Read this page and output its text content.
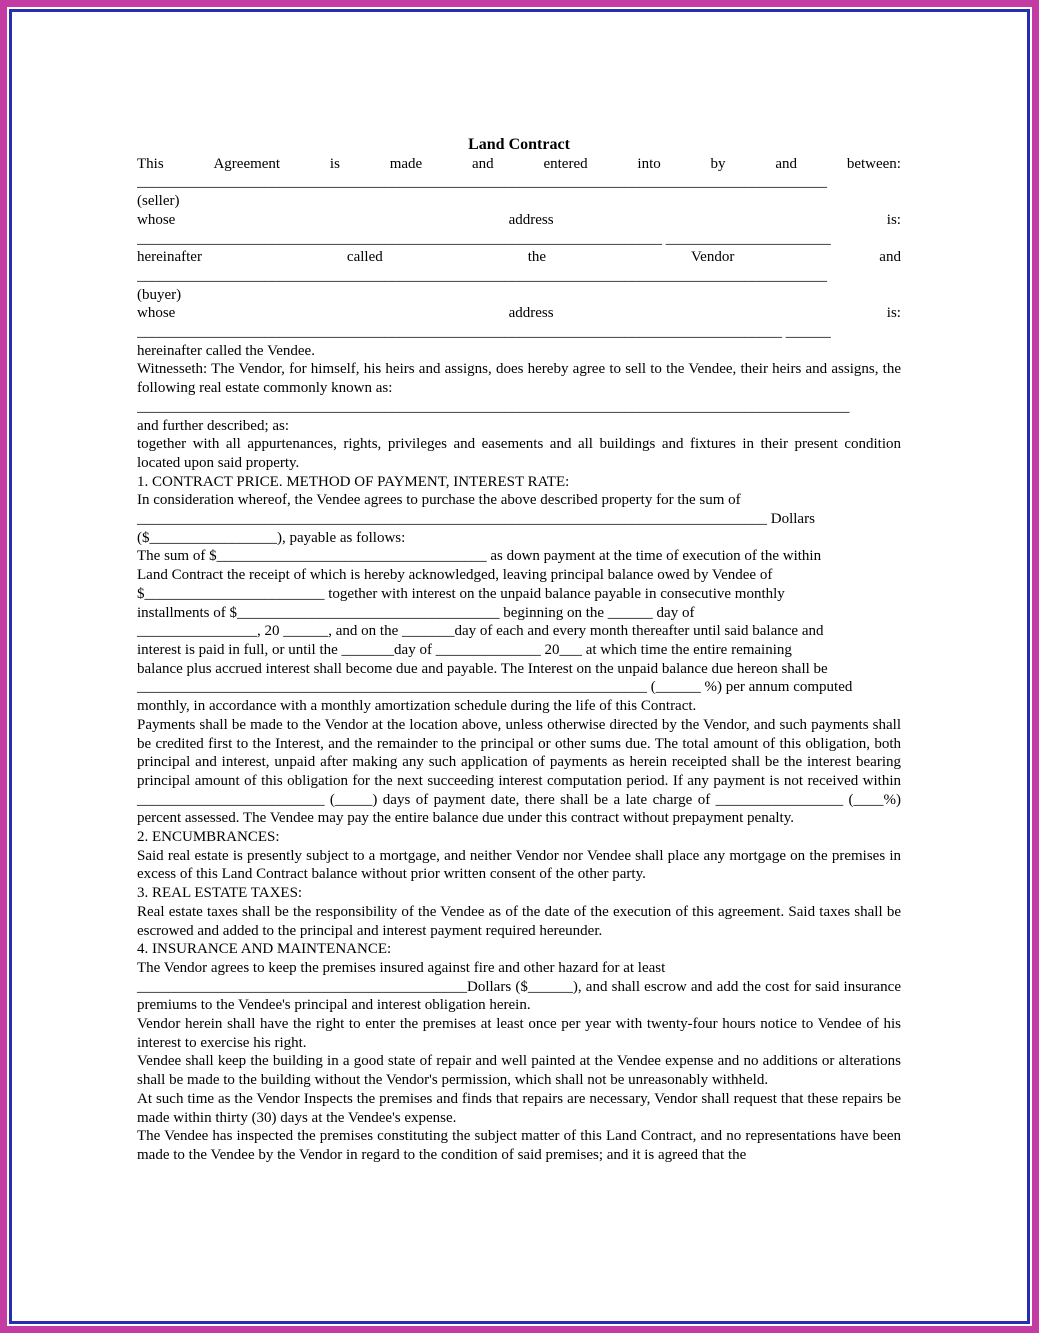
Land Contract
This	Agreement	is	made	and	entered	into	by	and	between:
____________________________________________________________________________________________
(seller)
whose	address	is:
______________________________________________________________________ ______________________
hereinafter	called	the	Vendor	and
____________________________________________________________________________________________
(buyer)
whose	address	is:
______________________________________________________________________________________ ______
hereinafter called the Vendee.
Witnesseth: The Vendor, for himself, his heirs and assigns, does hereby agree to sell to the Vendee, their heirs and assigns, the following real estate commonly known as:
_______________________________________________________________________________________________
and further described; as:
together with all appurtenances, rights, privileges and easements and all buildings and fixtures in their present condition located upon said property.
1. CONTRACT PRICE. METHOD OF PAYMENT, INTEREST RATE:
In consideration whereof, the Vendee agrees to purchase the above described property for the sum of
____________________________________________________________________________________ Dollars
($_________________), payable as follows:
The sum of $____________________________________ as down payment at the time of execution of the within
Land Contract the receipt of which is hereby acknowledged, leaving principal balance owed by Vendee of
$________________________ together with interest on the unpaid balance payable in consecutive monthly
installments of $___________________________________ beginning on the ______ day of
________________, 20 ______, and on the _______day of each and every month thereafter until said balance and
interest is paid in full, or until the _______day of ______________ 20___ at which time the entire remaining
balance plus accrued interest shall become due and payable. The Interest on the unpaid balance due hereon shall be
____________________________________________________________________ (______ %) per annum computed
monthly, in accordance with a monthly amortization schedule during the life of this Contract.
Payments shall be made to the Vendor at the location above, unless otherwise directed by the Vendor, and such payments shall be credited first to the Interest, and the remainder to the principal or other sums due. The total amount of this obligation, both principal and interest, unpaid after making any such application of payments as herein receipted shall be the interest bearing principal amount of this obligation for the next succeeding interest computation period. If any payment is not received within _________________________ (_____) days of payment date, there shall be a late charge of _________________ (____%) percent assessed. The Vendee may pay the entire balance due under this contract without prepayment penalty.
2. ENCUMBRANCES:
Said real estate is presently subject to a mortgage, and neither Vendor nor Vendee shall place any mortgage on the premises in excess of this Land Contract balance without prior written consent of the other party.
3. REAL ESTATE TAXES:
Real estate taxes shall be the responsibility of the Vendee as of the date of the execution of this agreement. Said taxes shall be escrowed and added to the principal and interest payment required hereunder.
4. INSURANCE AND MAINTENANCE:
The Vendor agrees to keep the premises insured against fire and other hazard for at least
____________________________________________Dollars ($______), and shall escrow and add the cost for said insurance premiums to the Vendee's principal and interest obligation herein.
Vendor herein shall have the right to enter the premises at least once per year with twenty-four hours notice to Vendee of his interest to exercise his right.
Vendee shall keep the building in a good state of repair and well painted at the Vendee expense and no additions or alterations shall be made to the building without the Vendor's permission, which shall not be unreasonably withheld.
At such time as the Vendor Inspects the premises and finds that repairs are necessary, Vendor shall request that these repairs be made within thirty (30) days at the Vendee's expense.
The Vendee has inspected the premises constituting the subject matter of this Land Contract, and no representations have been made to the Vendee by the Vendor in regard to the condition of said premises; and it is agreed that the
